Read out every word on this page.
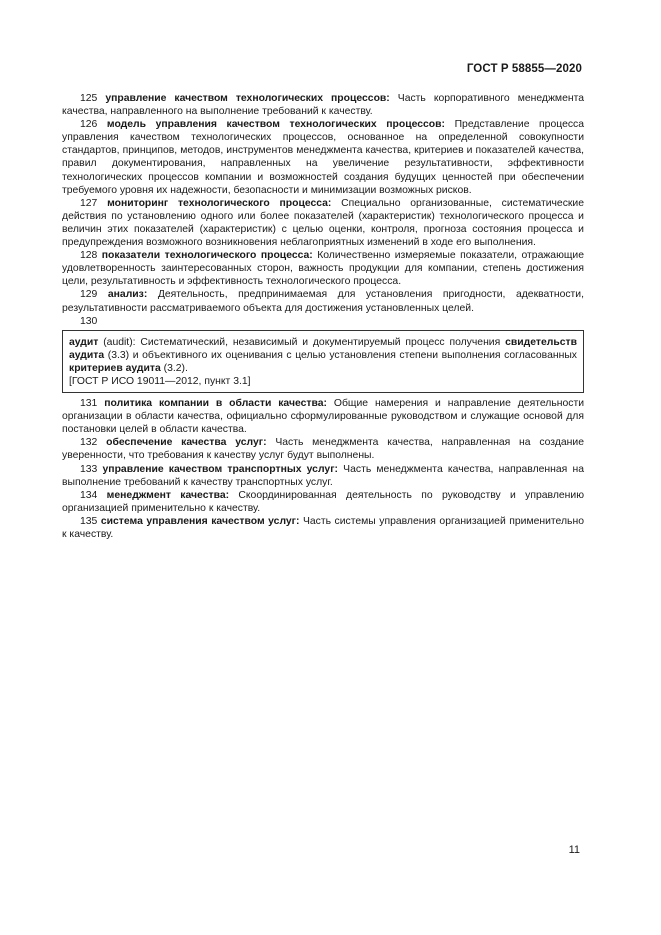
ГОСТ Р 58855—2020

125 управление качеством технологических процессов: Часть корпоративного менеджмента качества, направленного на выполнение требований к качеству.

126 модель управления качеством технологических процессов: Представление процесса управления качеством технологических процессов, основанное на определенной совокупности стандартов, принципов, методов, инструментов менеджмента качества, критериев и показателей качества, правил документирования, направленных на увеличение результативности, эффективности технологических процессов компании и возможностей создания будущих ценностей при обеспечении требуемого уровня их надежности, безопасности и минимизации возможных рисков.

127 мониторинг технологического процесса: Специально организованные, систематические действия по установлению одного или более показателей (характеристик) технологического процесса и величин этих показателей (характеристик) с целью оценки, контроля, прогноза состояния процесса и предупреждения возможного возникновения неблагоприятных изменений в ходе его выполнения.

128 показатели технологического процесса: Количественно измеряемые показатели, отражающие удовлетворенность заинтересованных сторон, важность продукции для компании, степень достижения цели, результативность и эффективность технологического процесса.

129 анализ: Деятельность, предпринимаемая для установления пригодности, адекватности, результативности рассматриваемого объекта для достижения установленных целей.

130

аудит (audit): Систематический, независимый и документируемый процесс получения свидетельств аудита (3.3) и объективного их оценивания с целью установления степени выполнения согласованных критериев аудита (3.2).

[ГОСТ Р ИСО 19011—2012, пункт 3.1]

131 политика компании в области качества: Общие намерения и направление деятельности организации в области качества, официально сформулированные руководством и служащие основой для постановки целей в области качества.

132 обеспечение качества услуг: Часть менеджмента качества, направленная на создание уверенности, что требования к качеству услуг будут выполнены.

133 управление качеством транспортных услуг: Часть менеджмента качества, направленная на выполнение требований к качеству транспортных услуг.

134 менеджмент качества: Скоординированная деятельность по руководству и управлению организацией применительно к качеству.

135 система управления качеством услуг: Часть системы управления организацией применительно к качеству.

11
